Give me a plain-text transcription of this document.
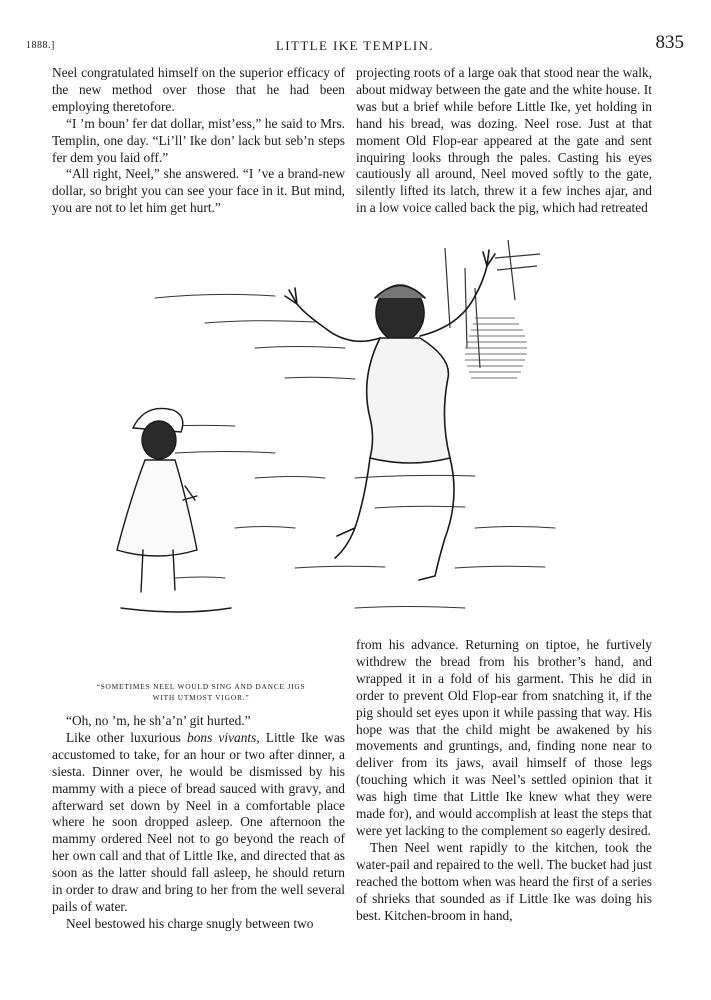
1888.]	LITTLE IKE TEMPLIN.	835

Neel congratulated himself on the superior efficacy of the new method over those that he had been employing theretofore.

“I ’m boun’ fer dat dollar, mist’ess,” he said to Mrs. Templin, one day. “Li’ll’ Ike don’ lack but seb’n steps fer dem you laid off.”

“All right, Neel,” she answered. “I ’ve a brand-new dollar, so bright you can see your face in it. But mind, you are not to let him get hurt.”

projecting roots of a large oak that stood near the walk, about midway between the gate and the white house. It was but a brief while before Little Ike, yet holding in hand his bread, was dozing. Neel rose. Just at that moment Old Flop-ear appeared at the gate and sent inquiring looks through the pales. Casting his eyes cautiously all around, Neel moved softly to the gate, silently lifted its latch, threw it a few inches ajar, and in a low voice called back the pig, which had retreated

“SOMETIMES NEEL WOULD SING AND DANCE JIGS
WITH UTMOST VIGOR.”

“Oh, no ’m, he sh’a’n’ git hurted.”

Like other luxurious bons vivants, Little Ike was accustomed to take, for an hour or two after dinner, a siesta. Dinner over, he would be dismissed by his mammy with a piece of bread sauced with gravy, and afterward set down by Neel in a comfortable place where he soon dropped asleep. One afternoon the mammy ordered Neel not to go beyond the reach of her own call and that of Little Ike, and directed that as soon as the latter should fall asleep, he should return in order to draw and bring to her from the well several pails of water.

Neel bestowed his charge snugly between two

from his advance. Returning on tiptoe, he furtively withdrew the bread from his brother’s hand, and wrapped it in a fold of his garment. This he did in order to prevent Old Flop-ear from snatching it, if the pig should set eyes upon it while passing that way. His hope was that the child might be awakened by his movements and gruntings, and, finding none near to deliver from its jaws, avail himself of those legs (touching which it was Neel’s settled opinion that it was high time that Little Ike knew what they were made for), and would accomplish at least the steps that were yet lacking to the complement so eagerly desired.

Then Neel went rapidly to the kitchen, took the water-pail and repaired to the well. The bucket had just reached the bottom when was heard the first of a series of shrieks that sounded as if Little Ike was doing his best. Kitchen-broom in hand,
